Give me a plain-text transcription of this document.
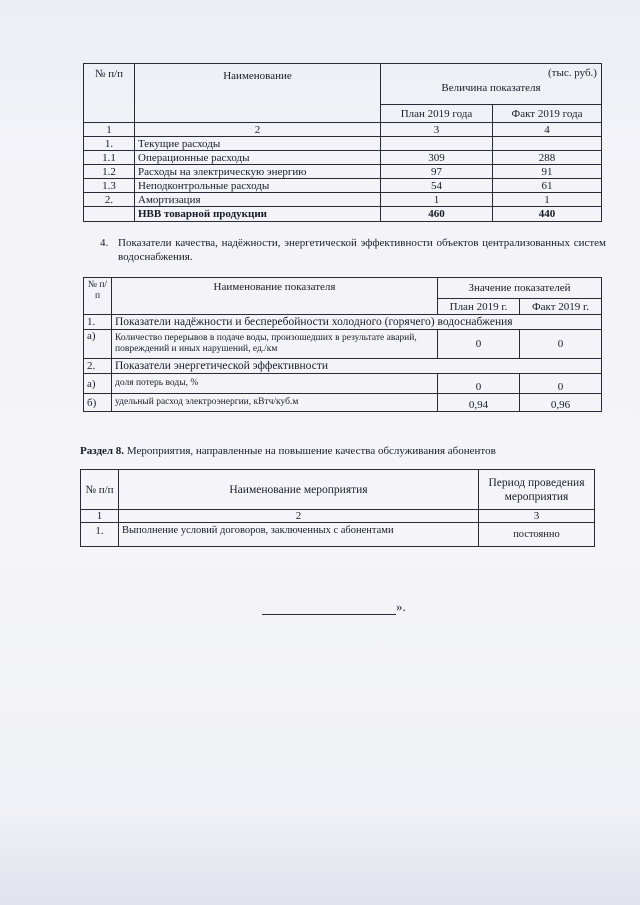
(тыс. руб.)
№ п/п	Наименование	Величина показателя	
		План 2019 года	Факт 2019 года
1	2	3	4
1.	Текущие расходы		
1.1	Операционные расходы	309	288
1.2	Расходы на электрическую энергию	97	91
1.3	Неподконтрольные расходы	54	61
2.	Амортизация	1	1
	НВВ товарной продукции	460	440
4. Показатели качества, надёжности, энергетической эффективности объектов централизованных систем водоснабжения.
№ п/п	Наименование показателя	Значение показателей	
		План 2019 г.	Факт 2019 г.
1.	Показатели надёжности и бесперебойности холодного (горячего) водоснабжения		
а)	Количество перерывов в подаче воды, произошедших в результате аварий, повреждений и иных нарушений, ед./км	0	0
2.	Показатели энергетической эффективности		
а)	доля потерь воды, %	0	0
б)	удельный расход электроэнергии, кВтч/куб.м	0,94	0,96
Раздел 8. Мероприятия, направленные на повышение качества обслуживания абонентов
№ п/п	Наименование мероприятия	Период проведения мероприятия
1	2	3
1.	Выполнение условий договоров, заключенных с абонентами	постоянно
».
